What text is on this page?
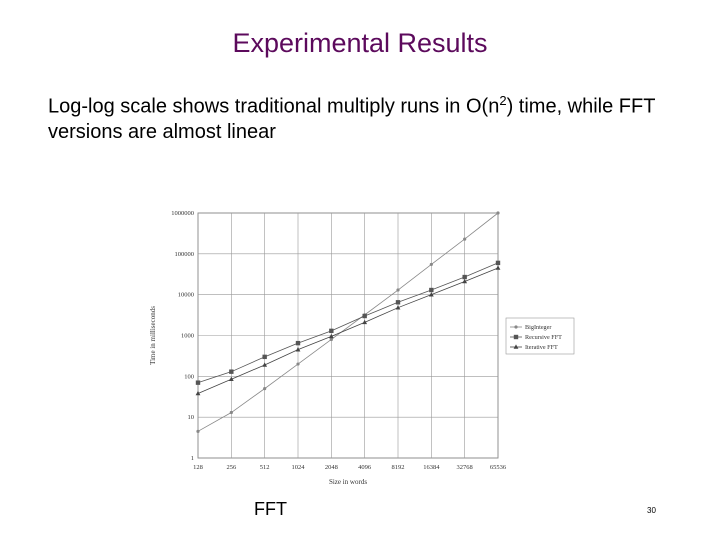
Experimental Results
Log-log scale shows traditional multiply runs in $O(n^2)$ time, while FFT versions are almost linear
128	256	512	1024	2048	4096	8192	16384	32768	65536
1
10
100
1000
10000
100000
1000000
BigInteger
Recursive FFT
Iterative FFT
Size in words
Time in milliseconds
FFT	30
